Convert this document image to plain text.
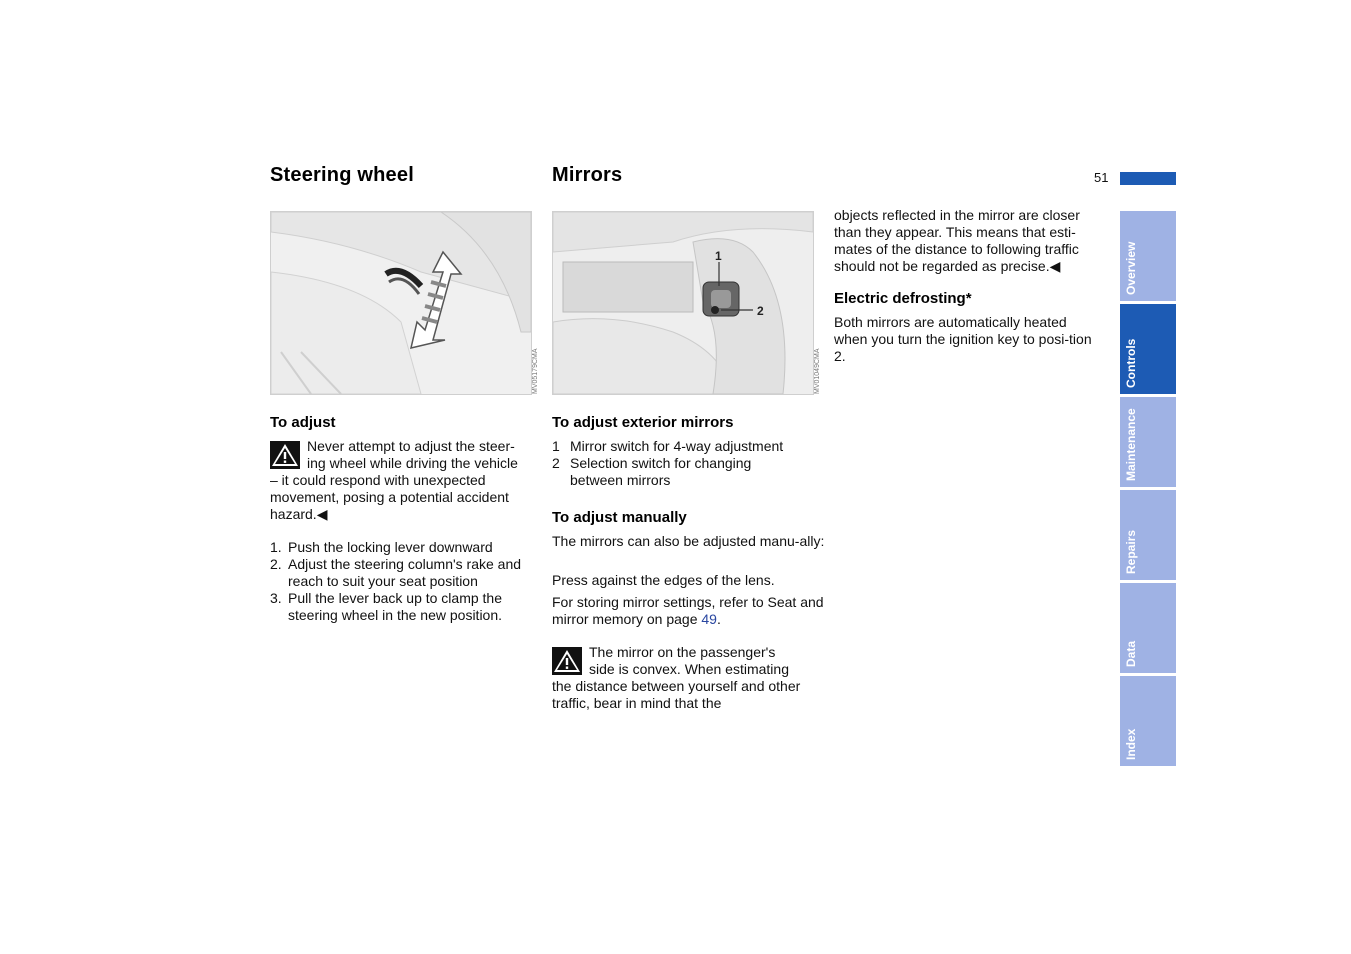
Steering wheel	Mirrors	51
Overview
Controls
Maintenance
Repairs
Data
Index
MV05179CMA
1
2
MV01049CMA
To adjust
Never attempt to adjust the steer-
ing wheel while driving the vehicle
– it could respond with unexpected movement, posing a potential accident hazard.◀
1. Push the locking lever downward
2. Adjust the steering column's rake and reach to suit your seat position
3. Pull the lever back up to clamp the steering wheel in the new position.
To adjust exterior mirrors
1 Mirror switch for 4-way adjustment
2 Selection switch for changing between mirrors
To adjust manually
The mirrors can also be adjusted manu-ally:
Press against the edges of the lens.
For storing mirror settings, refer to Seat and mirror memory on page 49.
The mirror on the passenger's
side is convex. When estimating
the distance between yourself and other traffic, bear in mind that the
objects reflected in the mirror are closer than they appear. This means that esti-mates of the distance to following traffic should not be regarded as precise.◀
Electric defrosting*
Both mirrors are automatically heated when you turn the ignition key to posi-tion 2.
